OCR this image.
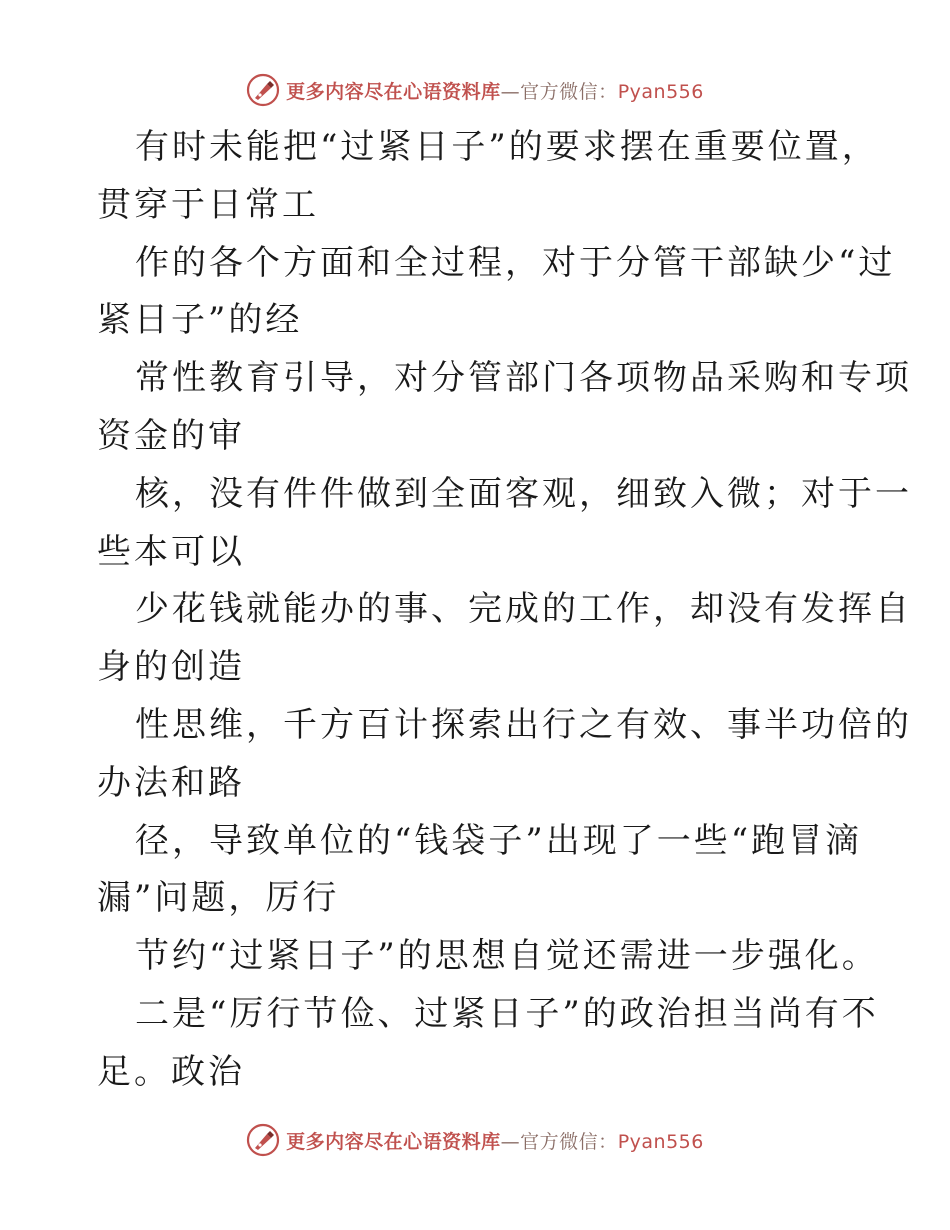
更多内容尽在心语资料库—官方微信：Pyan556
有时未能把“过紧日子”的要求摆在重要位置，
贯穿于日常工
作的各个方面和全过程，对于分管干部缺少“过
紧日子”的经
常性教育引导，对分管部门各项物品采购和专项
资金的审
核，没有件件做到全面客观，细致入微；对于一
些本可以
少花钱就能办的事、完成的工作，却没有发挥自
身的创造
性思维，千方百计探索出行之有效、事半功倍的
办法和路
径，导致单位的“钱袋子”出现了一些“跑冒滴
漏”问题，厉行
节约“过紧日子”的思想自觉还需进一步强化。
二是“厉行节俭、过紧日子”的政治担当尚有不
足。政治
更多内容尽在心语资料库—官方微信：Pyan556
